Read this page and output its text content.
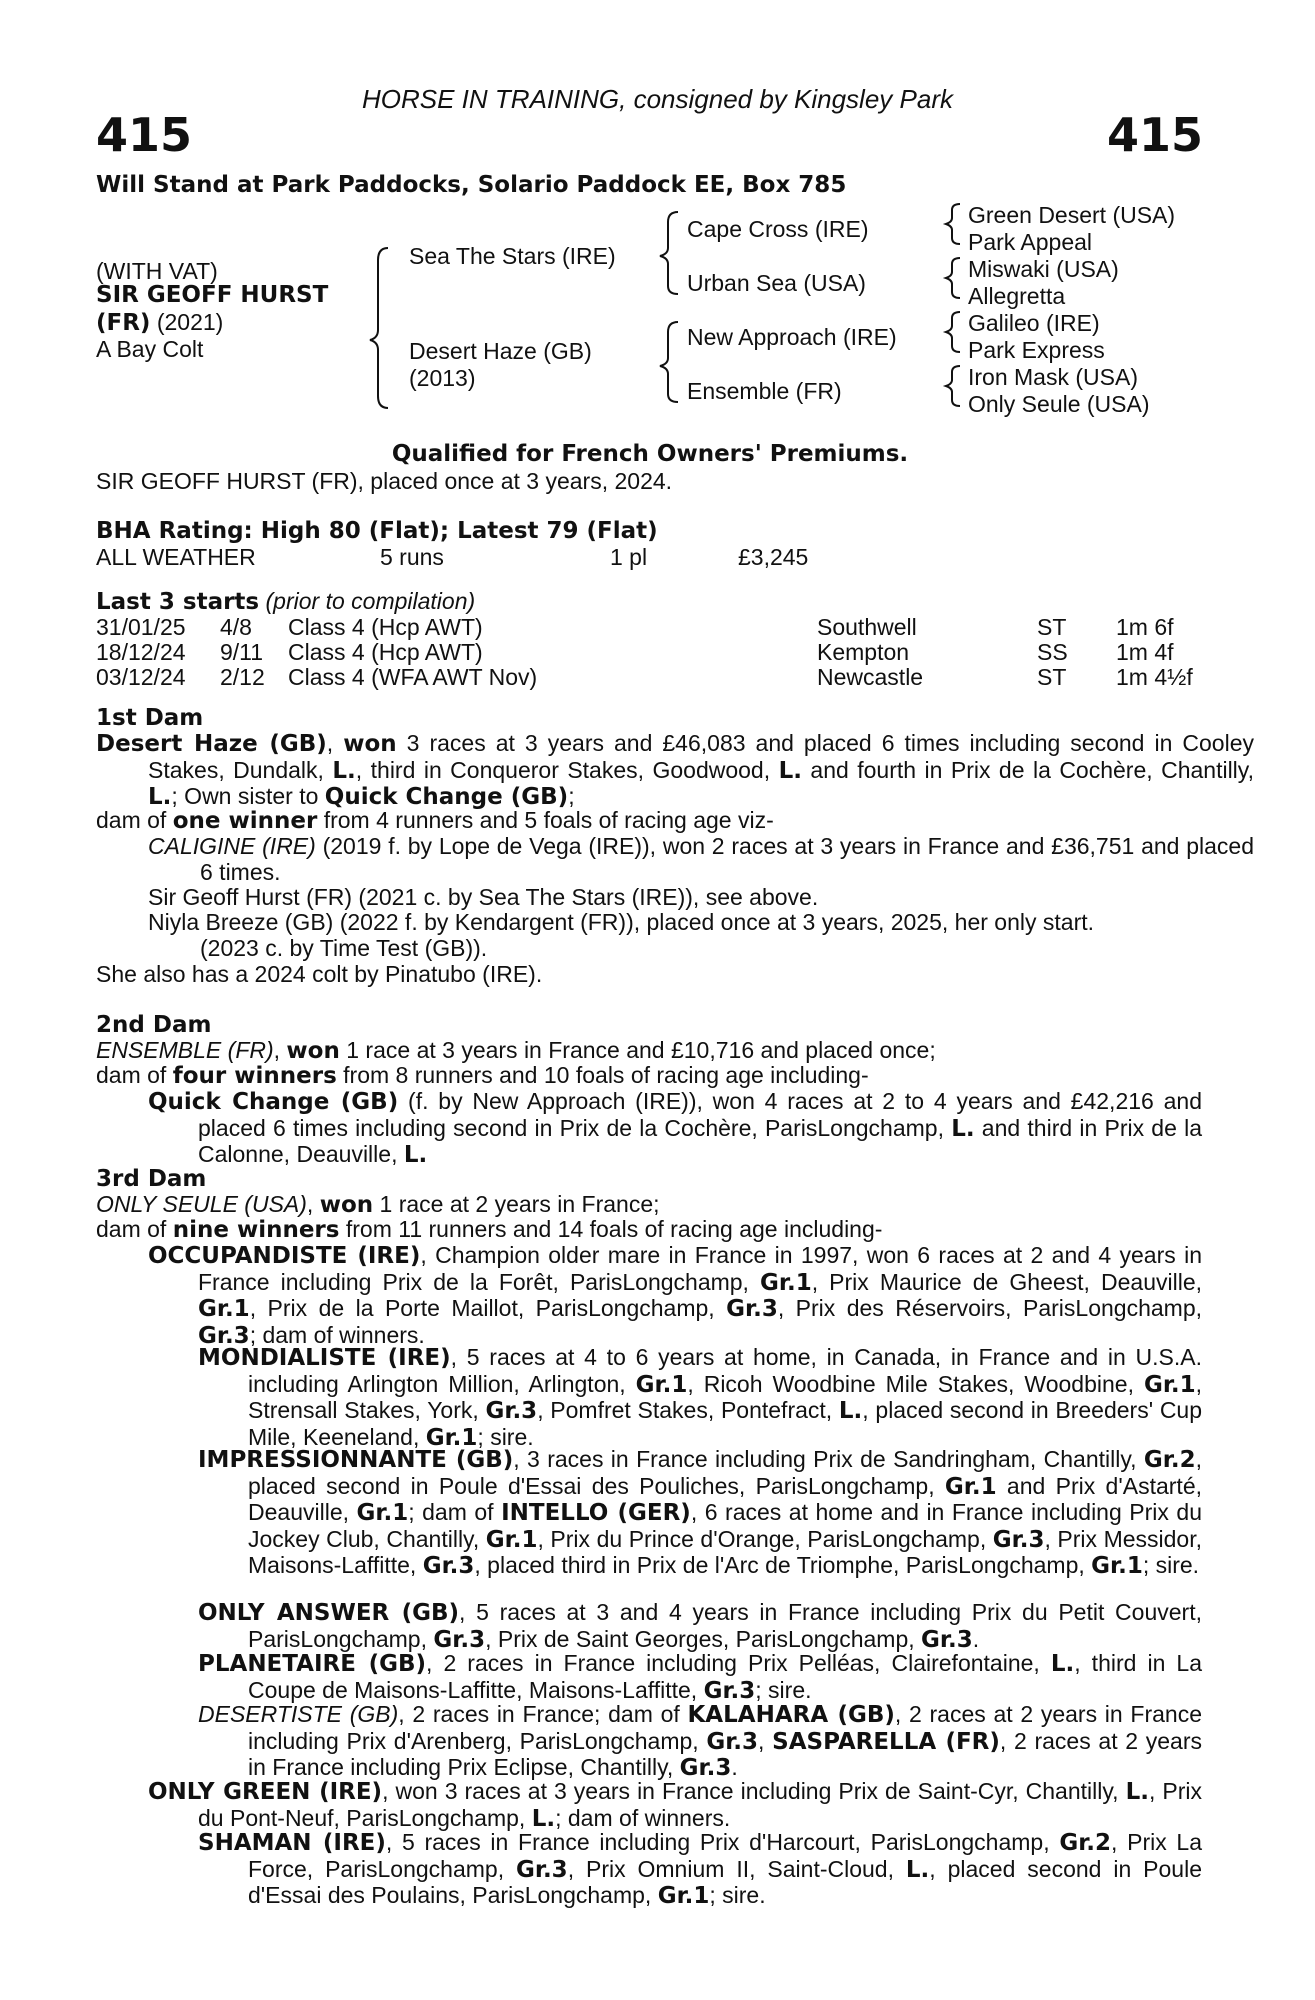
HORSE IN TRAINING, consigned by Kingsley Park
415	415
Will Stand at Park Paddocks, Solario Paddock EE, Box 785
(WITH VAT)
SIR GEOFF HURST
(FR) (2021)
A Bay Colt
Sea The Stars (IRE)
Desert Haze (GB)
(2013)
Cape Cross (IRE)
Urban Sea (USA)
New Approach (IRE)
Ensemble (FR)
Green Desert (USA)
Park Appeal
Miswaki (USA)
Allegretta
Galileo (IRE)
Park Express
Iron Mask (USA)
Only Seule (USA)
Qualified for French Owners' Premiums.
SIR GEOFF HURST (FR), placed once at 3 years, 2024.
BHA Rating: High 80 (Flat); Latest 79 (Flat)
ALL WEATHER	5 runs	1 pl	£3,245
Last 3 starts (prior to compilation)
31/01/25 4/8 Class 4 (Hcp AWT)	Southwell	ST 1m 6f
18/12/24 9/11 Class 4 (Hcp AWT)	Kempton	SS 1m 4f
03/12/24 2/12 Class 4 (WFA AWT Nov)	Newcastle	ST 1m 4½f
1st Dam
Desert Haze (GB), won 3 races at 3 years and £46,083 and placed 6 times including second in Cooley Stakes, Dundalk, L., third in Conqueror Stakes, Goodwood, L. and fourth in Prix de la Cochère, Chantilly, L.; Own sister to Quick Change (GB);
dam of one winner from 4 runners and 5 foals of racing age viz-
CALIGINE (IRE) (2019 f. by Lope de Vega (IRE)), won 2 races at 3 years in France and £36,751 and placed 6 times.
Sir Geoff Hurst (FR) (2021 c. by Sea The Stars (IRE)), see above.
Niyla Breeze (GB) (2022 f. by Kendargent (FR)), placed once at 3 years, 2025, her only start.
(2023 c. by Time Test (GB)).
She also has a 2024 colt by Pinatubo (IRE).
2nd Dam
ENSEMBLE (FR), won 1 race at 3 years in France and £10,716 and placed once;
dam of four winners from 8 runners and 10 foals of racing age including-
Quick Change (GB) (f. by New Approach (IRE)), won 4 races at 2 to 4 years and £42,216 and placed 6 times including second in Prix de la Cochère, ParisLongchamp, L. and third in Prix de la Calonne, Deauville, L.
3rd Dam
ONLY SEULE (USA), won 1 race at 2 years in France;
dam of nine winners from 11 runners and 14 foals of racing age including-
OCCUPANDISTE (IRE), Champion older mare in France in 1997, won 6 races at 2 and 4 years in France including Prix de la Forêt, ParisLongchamp, Gr.1, Prix Maurice de Gheest, Deauville, Gr.1, Prix de la Porte Maillot, ParisLongchamp, Gr.3, Prix des Réservoirs, ParisLongchamp, Gr.3; dam of winners.
MONDIALISTE (IRE), 5 races at 4 to 6 years at home, in Canada, in France and in U.S.A. including Arlington Million, Arlington, Gr.1, Ricoh Woodbine Mile Stakes, Woodbine, Gr.1, Strensall Stakes, York, Gr.3, Pomfret Stakes, Pontefract, L., placed second in Breeders' Cup Mile, Keeneland, Gr.1; sire.
IMPRESSIONNANTE (GB), 3 races in France including Prix de Sandringham, Chantilly, Gr.2, placed second in Poule d'Essai des Pouliches, ParisLongchamp, Gr.1 and Prix d'Astarté, Deauville, Gr.1; dam of INTELLO (GER), 6 races at home and in France including Prix du Jockey Club, Chantilly, Gr.1, Prix du Prince d'Orange, ParisLongchamp, Gr.3, Prix Messidor, Maisons-Laffitte, Gr.3, placed third in Prix de l'Arc de Triomphe, ParisLongchamp, Gr.1; sire.
ONLY ANSWER (GB), 5 races at 3 and 4 years in France including Prix du Petit Couvert, ParisLongchamp, Gr.3, Prix de Saint Georges, ParisLongchamp, Gr.3.
PLANETAIRE (GB), 2 races in France including Prix Pelléas, Clairefontaine, L., third in La Coupe de Maisons-Laffitte, Maisons-Laffitte, Gr.3; sire.
DESERTISTE (GB), 2 races in France; dam of KALAHARA (GB), 2 races at 2 years in France including Prix d'Arenberg, ParisLongchamp, Gr.3, SASPARELLA (FR), 2 races at 2 years in France including Prix Eclipse, Chantilly, Gr.3.
ONLY GREEN (IRE), won 3 races at 3 years in France including Prix de Saint-Cyr, Chantilly, L., Prix du Pont-Neuf, ParisLongchamp, L.; dam of winners.
SHAMAN (IRE), 5 races in France including Prix d'Harcourt, ParisLongchamp, Gr.2, Prix La Force, ParisLongchamp, Gr.3, Prix Omnium II, Saint-Cloud, L., placed second in Poule d'Essai des Poulains, ParisLongchamp, Gr.1; sire.
